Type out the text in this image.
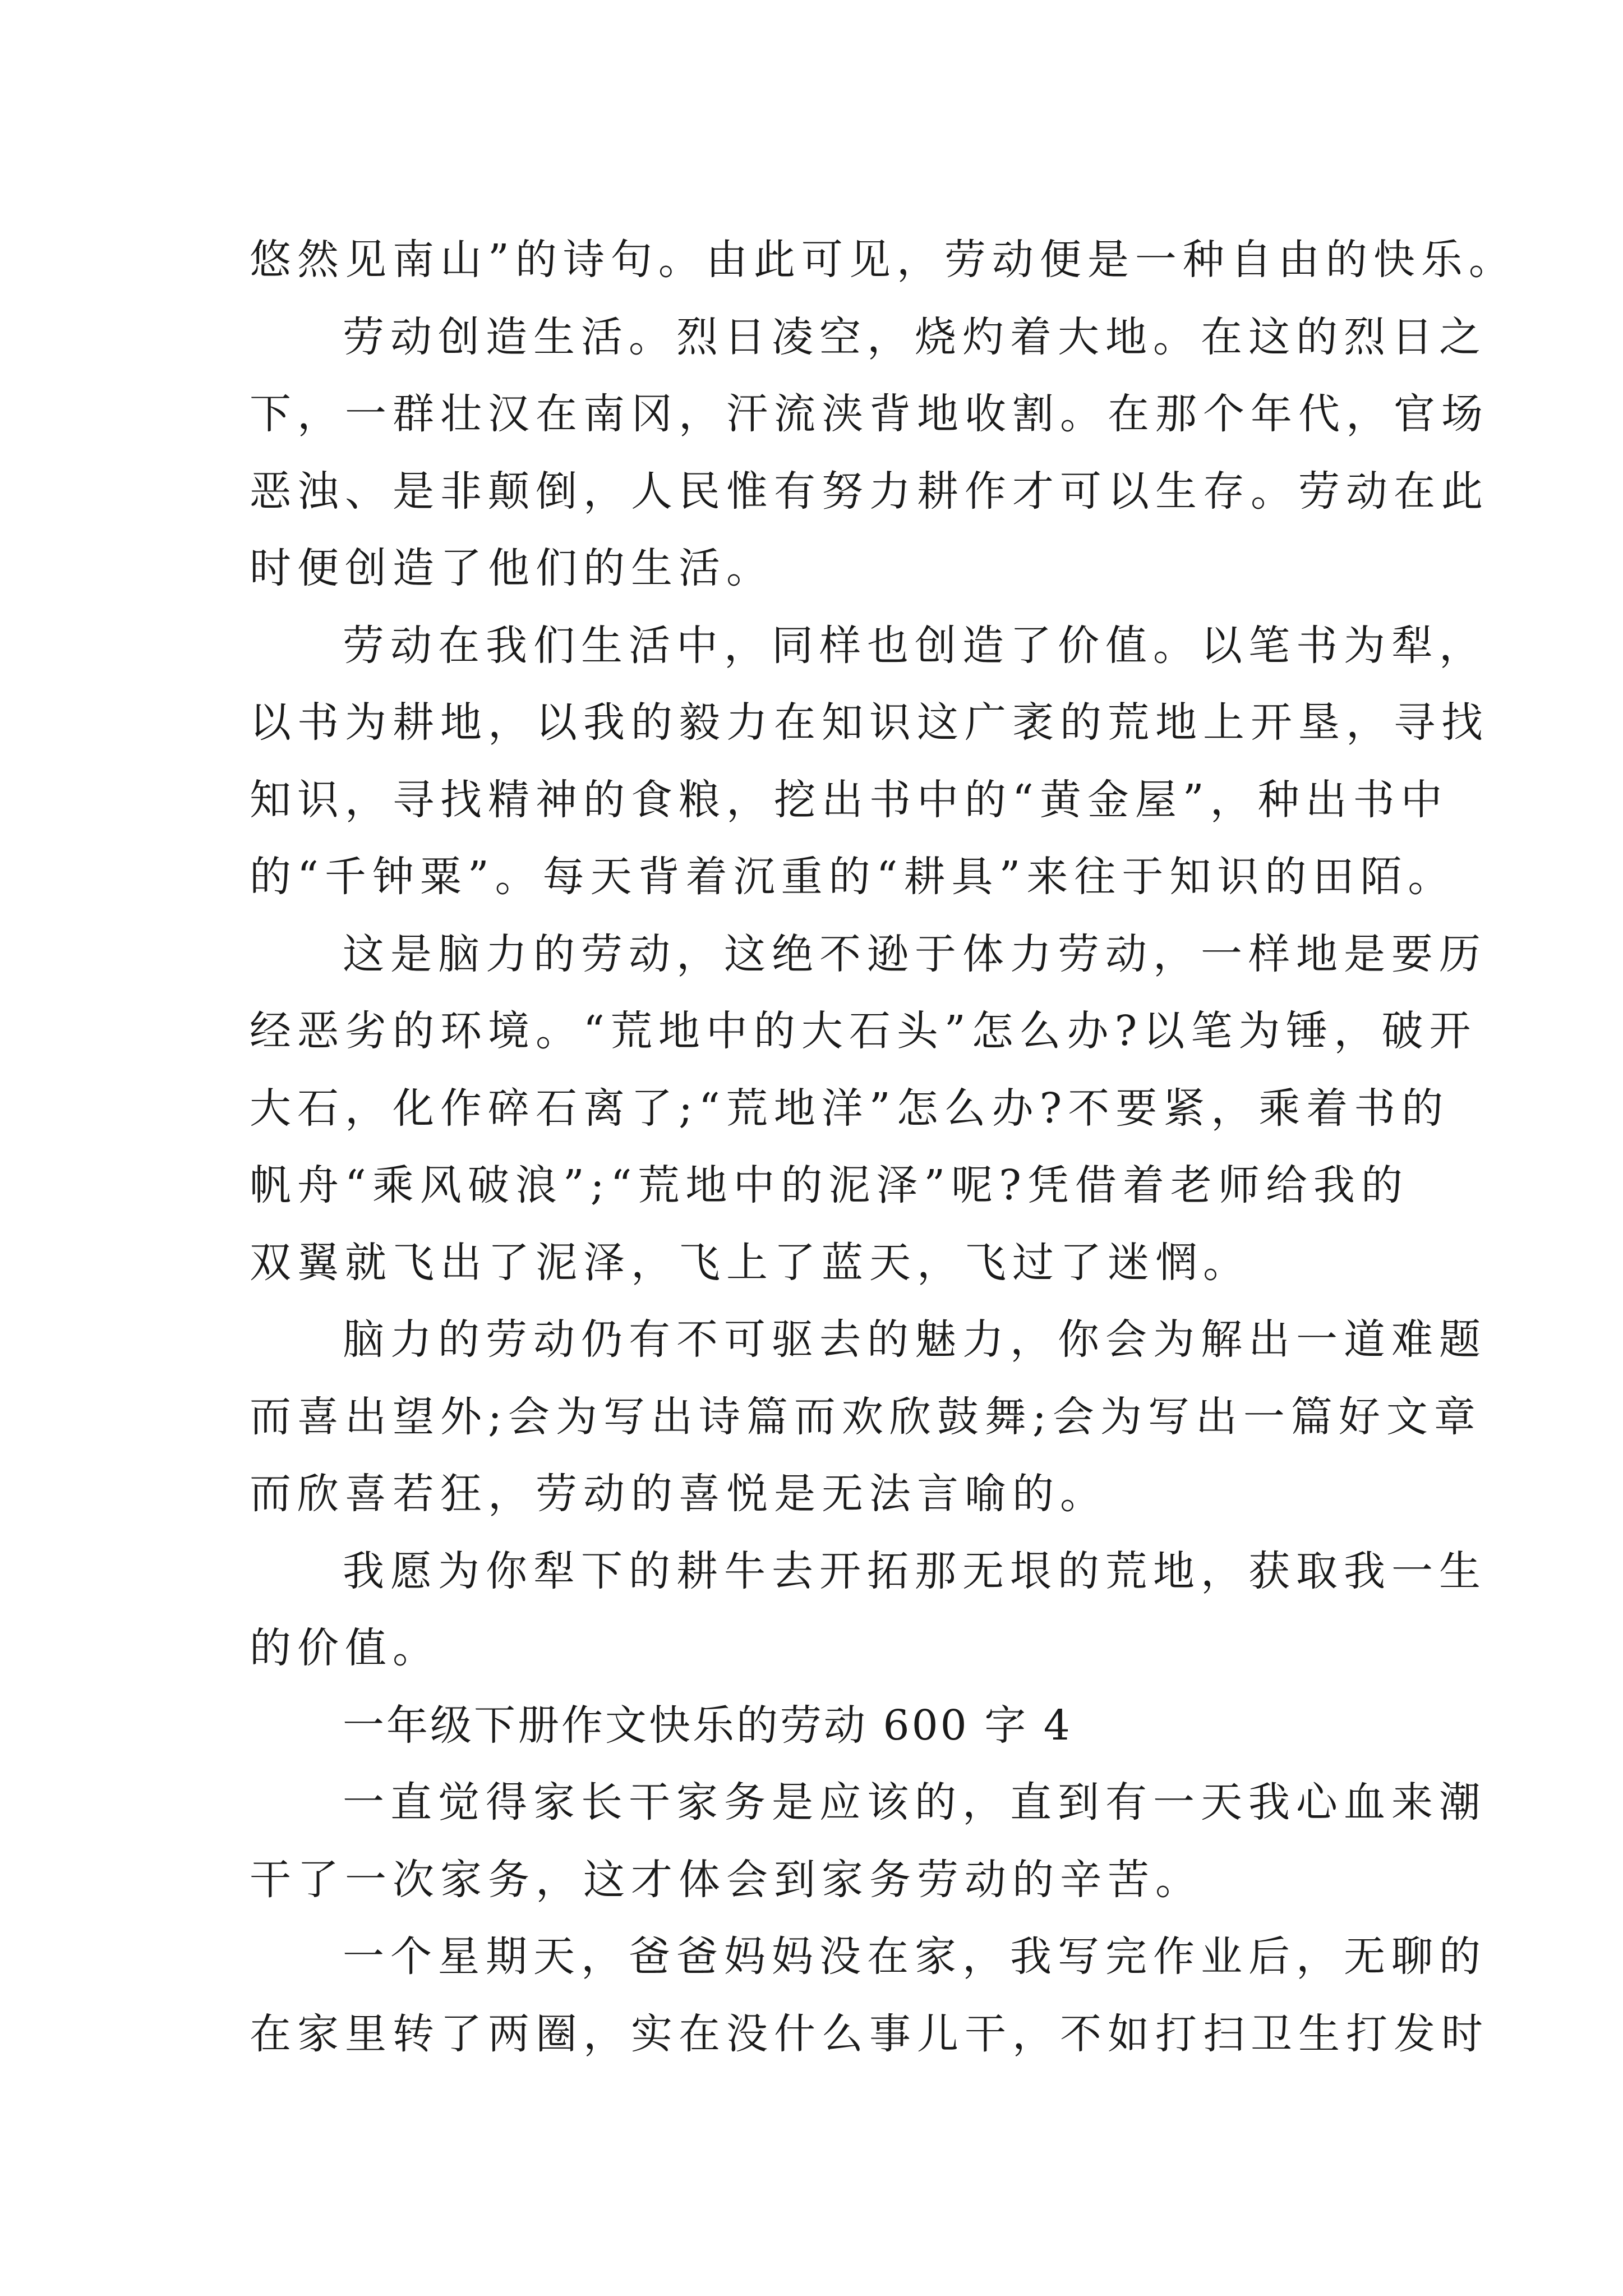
悠然见南山”的诗句。由此可见，劳动便是一种自由的快乐。
劳动创造生活。烈日凌空，烧灼着大地。在这的烈日之
下，一群壮汉在南冈，汗流浃背地收割。在那个年代，官场
恶浊、是非颠倒，人民惟有努力耕作才可以生存。劳动在此
时便创造了他们的生活。
劳动在我们生活中，同样也创造了价值。以笔书为犁，
以书为耕地，以我的毅力在知识这广袤的荒地上开垦，寻找
知识，寻找精神的食粮，挖出书中的“黄金屋”，种出书中
的“千钟粟”。每天背着沉重的“耕具”来往于知识的田陌。
这是脑力的劳动，这绝不逊于体力劳动，一样地是要历
经恶劣的环境。“荒地中的大石头”怎么办?以笔为锤，破开
大石，化作碎石离了;“荒地洋”怎么办?不要紧，乘着书的
帆舟“乘风破浪”;“荒地中的泥泽”呢?凭借着老师给我的
双翼就飞出了泥泽，飞上了蓝天，飞过了迷惘。
脑力的劳动仍有不可驱去的魅力，你会为解出一道难题
而喜出望外;会为写出诗篇而欢欣鼓舞;会为写出一篇好文章
而欣喜若狂，劳动的喜悦是无法言喻的。
我愿为你犁下的耕牛去开拓那无垠的荒地，获取我一生
的价值。
一年级下册作文快乐的劳动 600 字 4
一直觉得家长干家务是应该的，直到有一天我心血来潮
干了一次家务，这才体会到家务劳动的辛苦。
一个星期天，爸爸妈妈没在家，我写完作业后，无聊的
在家里转了两圈，实在没什么事儿干，不如打扫卫生打发时
